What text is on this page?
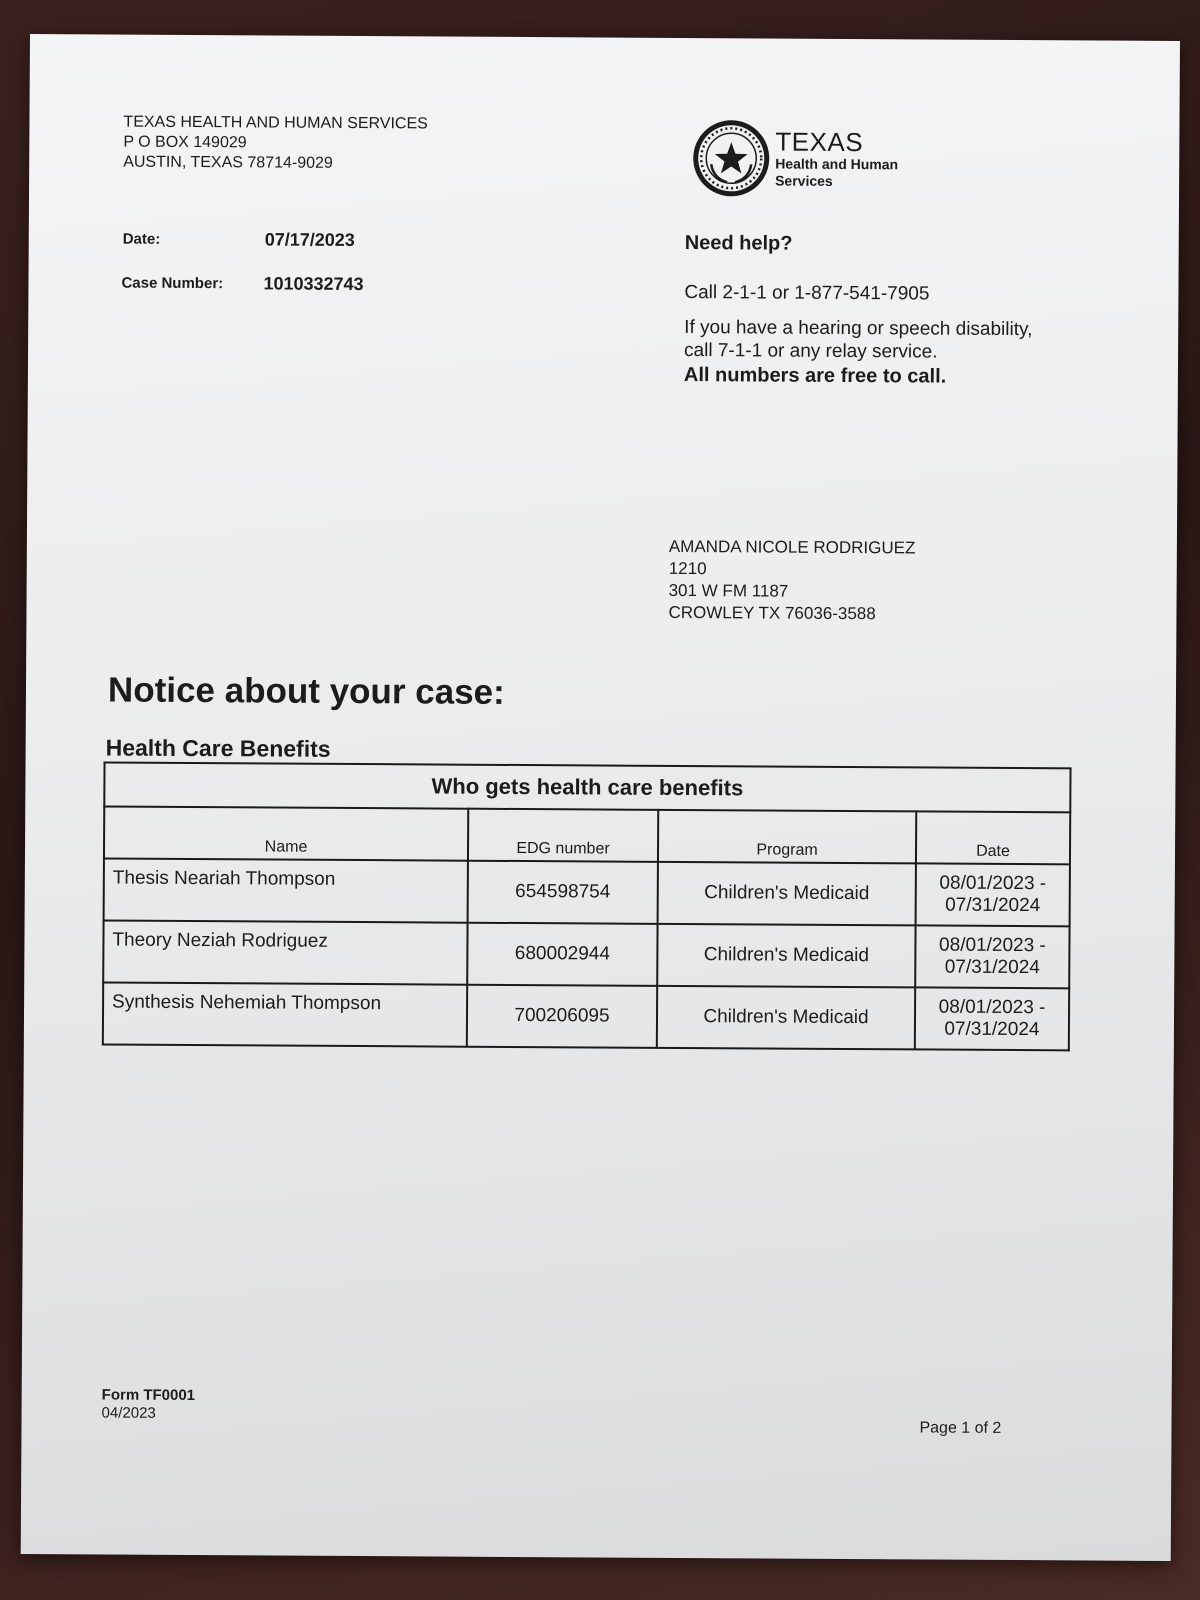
TEXAS HEALTH AND HUMAN SERVICES
P O BOX 149029
AUSTIN, TEXAS 78714-9029
TEXAS
Health and Human
Services
Date:	07/17/2023
Case Number: 1010332743
Need help?
Call 2-1-1 or 1-877-541-7905
If you have a hearing or speech disability,
call 7-1-1 or any relay service.
All numbers are free to call.
AMANDA NICOLE RODRIGUEZ
1210
301 W FM 1187
CROWLEY TX 76036-3588
Notice about your case:
Health Care Benefits
Who gets health care benefits			
Name	EDG number	Program	Date
Thesis Neariah Thompson	654598754	Children's Medicaid	08/01/2023 -
07/31/2024

Theory Neziah Rodriguez	680002944	Children's Medicaid	08/01/2023 -
07/31/2024

Synthesis Nehemiah Thompson	700206095	Children's Medicaid	08/01/2023 -
07/31/2024
Form TF0001
04/2023
Page 1 of 2
